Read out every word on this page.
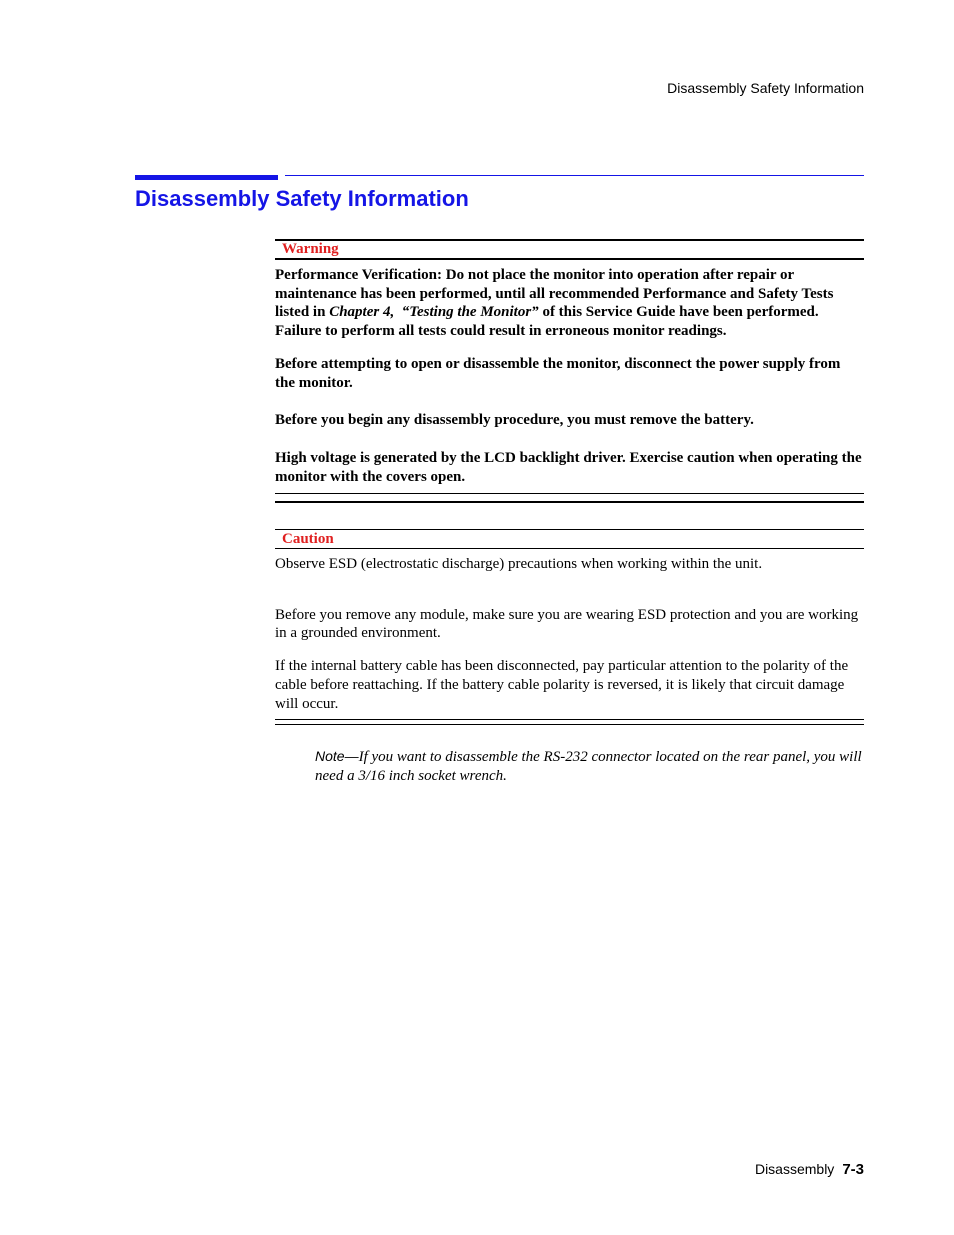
Disassembly Safety Information
Disassembly Safety Information
Warning

Performance Verification: Do not place the monitor into operation after repair or maintenance has been performed, until all recommended Performance and Safety Tests listed in Chapter 4, “Testing the Monitor” of this Service Guide have been performed. Failure to perform all tests could result in erroneous monitor readings.

Before attempting to open or disassemble the monitor, disconnect the power supply from the monitor.

Before you begin any disassembly procedure, you must remove the battery.

High voltage is generated by the LCD backlight driver. Exercise caution when operating the monitor with the covers open.

Caution

Observe ESD (electrostatic discharge) precautions when working within the unit.

Before you remove any module, make sure you are wearing ESD protection and you are working in a grounded environment.

If the internal battery cable has been disconnected, pay particular attention to the polarity of the cable before reattaching. If the battery cable polarity is reversed, it is likely that circuit damage will occur.

Note—If you want to disassemble the RS-232 connector located on the rear panel, you will need a 3/16 inch socket wrench.

Disassembly 7-3
